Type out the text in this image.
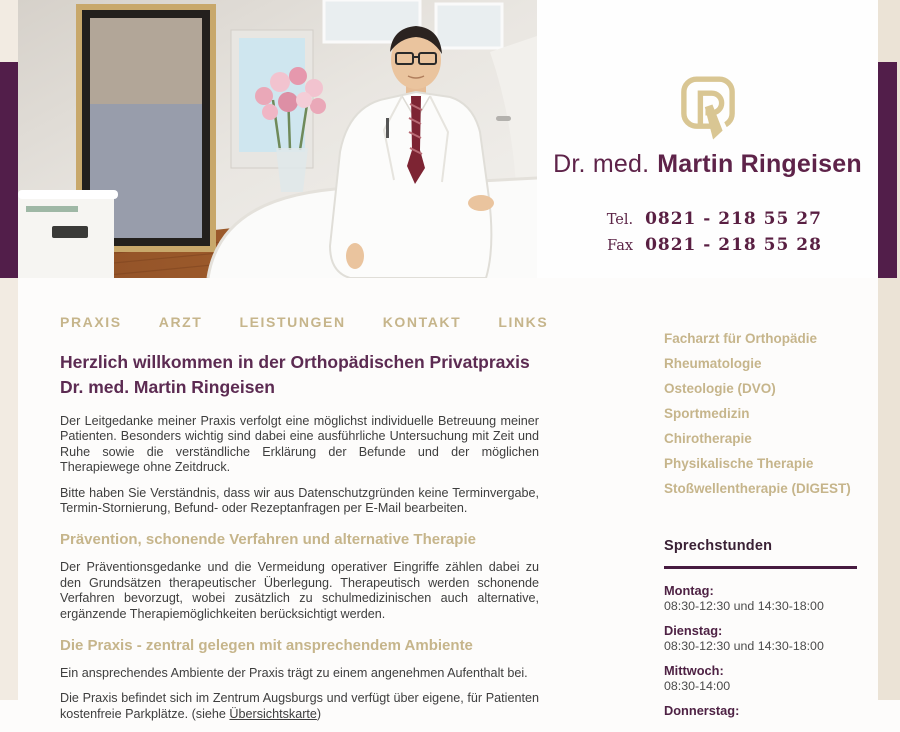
Dr. med. Martin Ringeisen
Tel. 0821 - 218 55 27
Fax 0821 - 218 55 28
PRAXIS	ARZT	LEISTUNGEN	KONTAKT	LINKS
Herzlich willkommen in der Orthopädischen Privatpraxis Dr. med. Martin Ringeisen

Der Leitgedanke meiner Praxis verfolgt eine möglichst individuelle Betreuung meiner Patienten. Besonders wichtig sind dabei eine ausführliche Untersuchung mit Zeit und Ruhe sowie die verständliche Erklärung der Befunde und der möglichen Therapiewege ohne Zeitdruck.

Bitte haben Sie Verständnis, dass wir aus Datenschutzgründen keine Terminvergabe, Termin-Stornierung, Befund- oder Rezeptanfragen per E-Mail bearbeiten.

Prävention, schonende Verfahren und alternative Therapie

Der Präventionsgedanke und die Vermeidung operativer Eingriffe zählen dabei zu den Grundsätzen therapeutischer Überlegung. Therapeutisch werden schonende Verfahren bevorzugt, wobei zusätzlich zu schulmedizinischen auch alternative, ergänzende Therapiemöglichkeiten berücksichtigt werden.

Die Praxis - zentral gelegen mit ansprechendem Ambiente

Ein ansprechendes Ambiente der Praxis trägt zu einem angenehmen Aufenthalt bei.

Die Praxis befindet sich im Zentrum Augsburgs und verfügt über eigene, für Patienten kostenfreie Parkplätze. (siehe Übersichtskarte)

Facharzt für Orthopädie
Rheumatologie
Osteologie (DVO)
Sportmedizin
Chirotherapie
Physikalische Therapie
Stoßwellentherapie (DIGEST)
Sprechstunden
Montag:
08:30-12:30 und 14:30-18:00
Dienstag:
08:30-12:30 und 14:30-18:00
Mittwoch:
08:30-14:00
Donnerstag:
